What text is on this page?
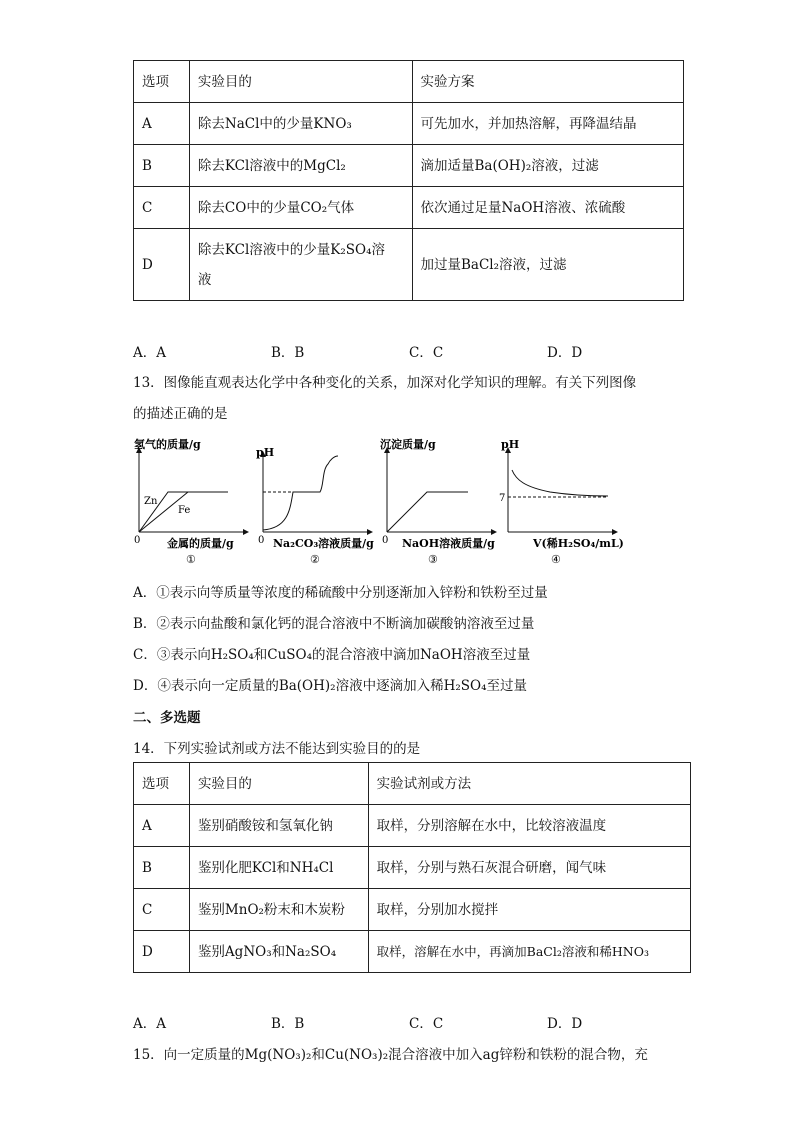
选项	实验目的	实验方案
A	除去NaCl中的少量KNO₃	可先加水，并加热溶解，再降温结晶
B	除去KCl溶液中的MgCl₂	滴加适量Ba(OH)₂溶液，过滤
C	除去CO中的少量CO₂气体	依次通过足量NaOH溶液、浓硫酸
D	除去KCl溶液中的少量K₂SO₄溶液	加过量BaCl₂溶液，过滤
A．A	B．B	C．C	D．D
13．图像能直观表达化学中各种变化的关系，加深对化学知识的理解。有关下列图像
的描述正确的是
氢气的质量/g
Zn
Fe
0 金属的质量/g
①
pH
0 Na₂CO₃溶液质量/g
②
沉淀质量/g
0 NaOH溶液质量/g
③
pH
7
V(稀H₂SO₄/mL)
④
A．①表示向等质量等浓度的稀硫酸中分别逐渐加入锌粉和铁粉至过量
B．②表示向盐酸和氯化钙的混合溶液中不断滴加碳酸钠溶液至过量
C．③表示向H₂SO₄和CuSO₄的混合溶液中滴加NaOH溶液至过量
D．④表示向一定质量的Ba(OH)₂溶液中逐滴加入稀H₂SO₄至过量
二、多选题
14．下列实验试剂或方法不能达到实验目的的是
选项	实验目的	实验试剂或方法
A	鉴别硝酸铵和氢氧化钠	取样，分别溶解在水中，比较溶液温度
B	鉴别化肥KCl和NH₄Cl	取样，分别与熟石灰混合研磨，闻气味
C	鉴别MnO₂粉末和木炭粉	取样，分别加水搅拌
D	鉴别AgNO₃和Na₂SO₄	取样，溶解在水中，再滴加BaCl₂溶液和稀HNO₃
A．A	B．B	C．C	D．D
15．向一定质量的Mg(NO₃)₂和Cu(NO₃)₂混合溶液中加入ag锌粉和铁粉的混合物，充
